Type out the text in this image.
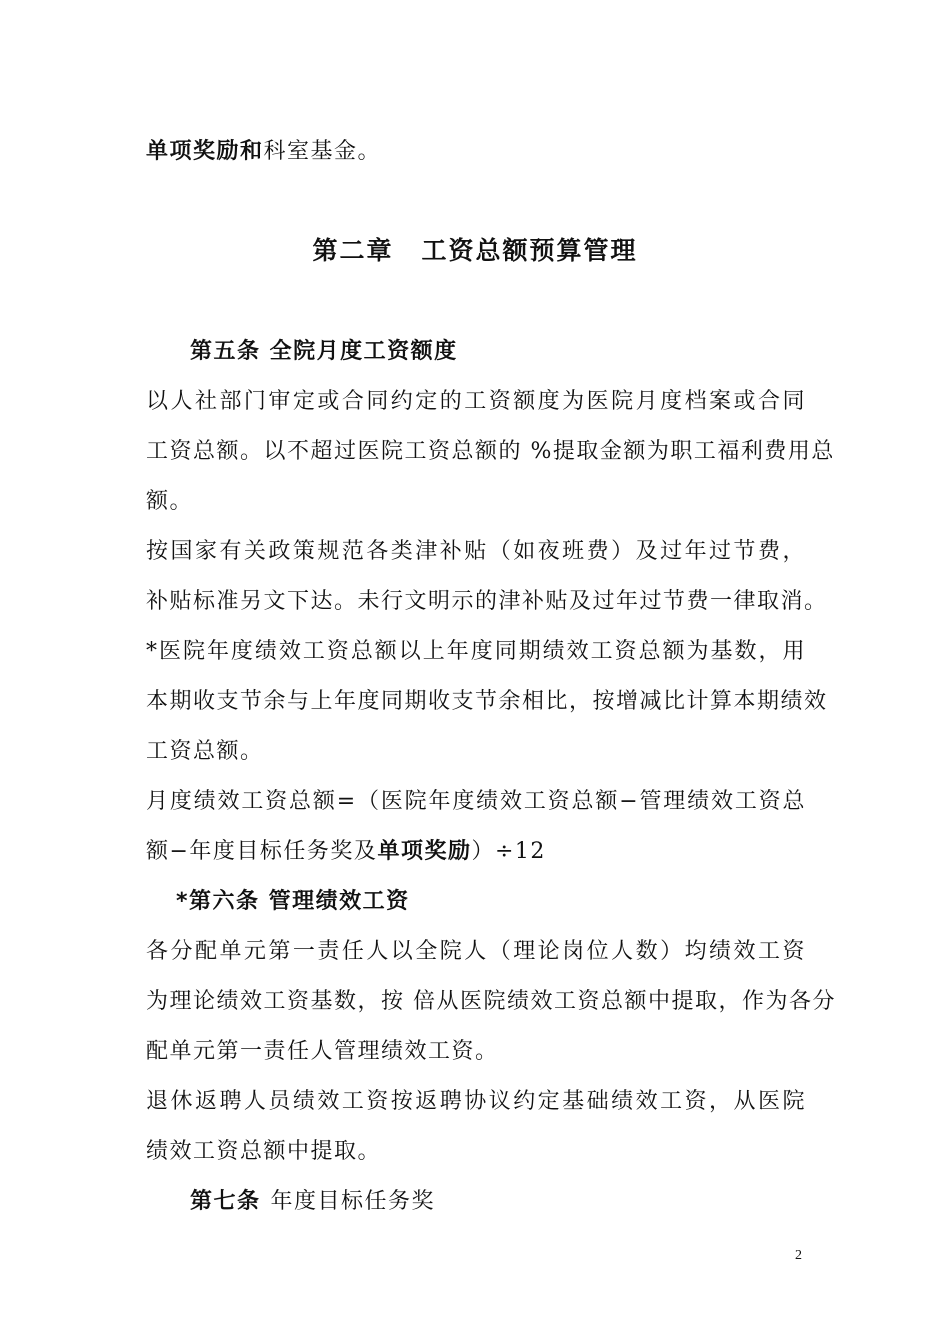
单项奖励和科室基金。
第二章 工资总额预算管理
第五条 全院月度工资额度
以人社部门审定或合同约定的工资额度为医院月度档案或合同
工资总额。以不超过医院工资总额的 %提取金额为职工福利费用总
额。
按国家有关政策规范各类津补贴（如夜班费）及过年过节费，
补贴标准另文下达。未行文明示的津补贴及过年过节费一律取消。
*医院年度绩效工资总额以上年度同期绩效工资总额为基数，用
本期收支节余与上年度同期收支节余相比，按增减比计算本期绩效
工资总额。
月度绩效工资总额=（医院年度绩效工资总额−管理绩效工资总
额−年度目标任务奖及单项奖励）÷12
*第六条 管理绩效工资
各分配单元第一责任人以全院人（理论岗位人数）均绩效工资
为理论绩效工资基数，按 倍从医院绩效工资总额中提取，作为各分
配单元第一责任人管理绩效工资。
退休返聘人员绩效工资按返聘协议约定基础绩效工资，从医院
绩效工资总额中提取。
第七条 年度目标任务奖
2
